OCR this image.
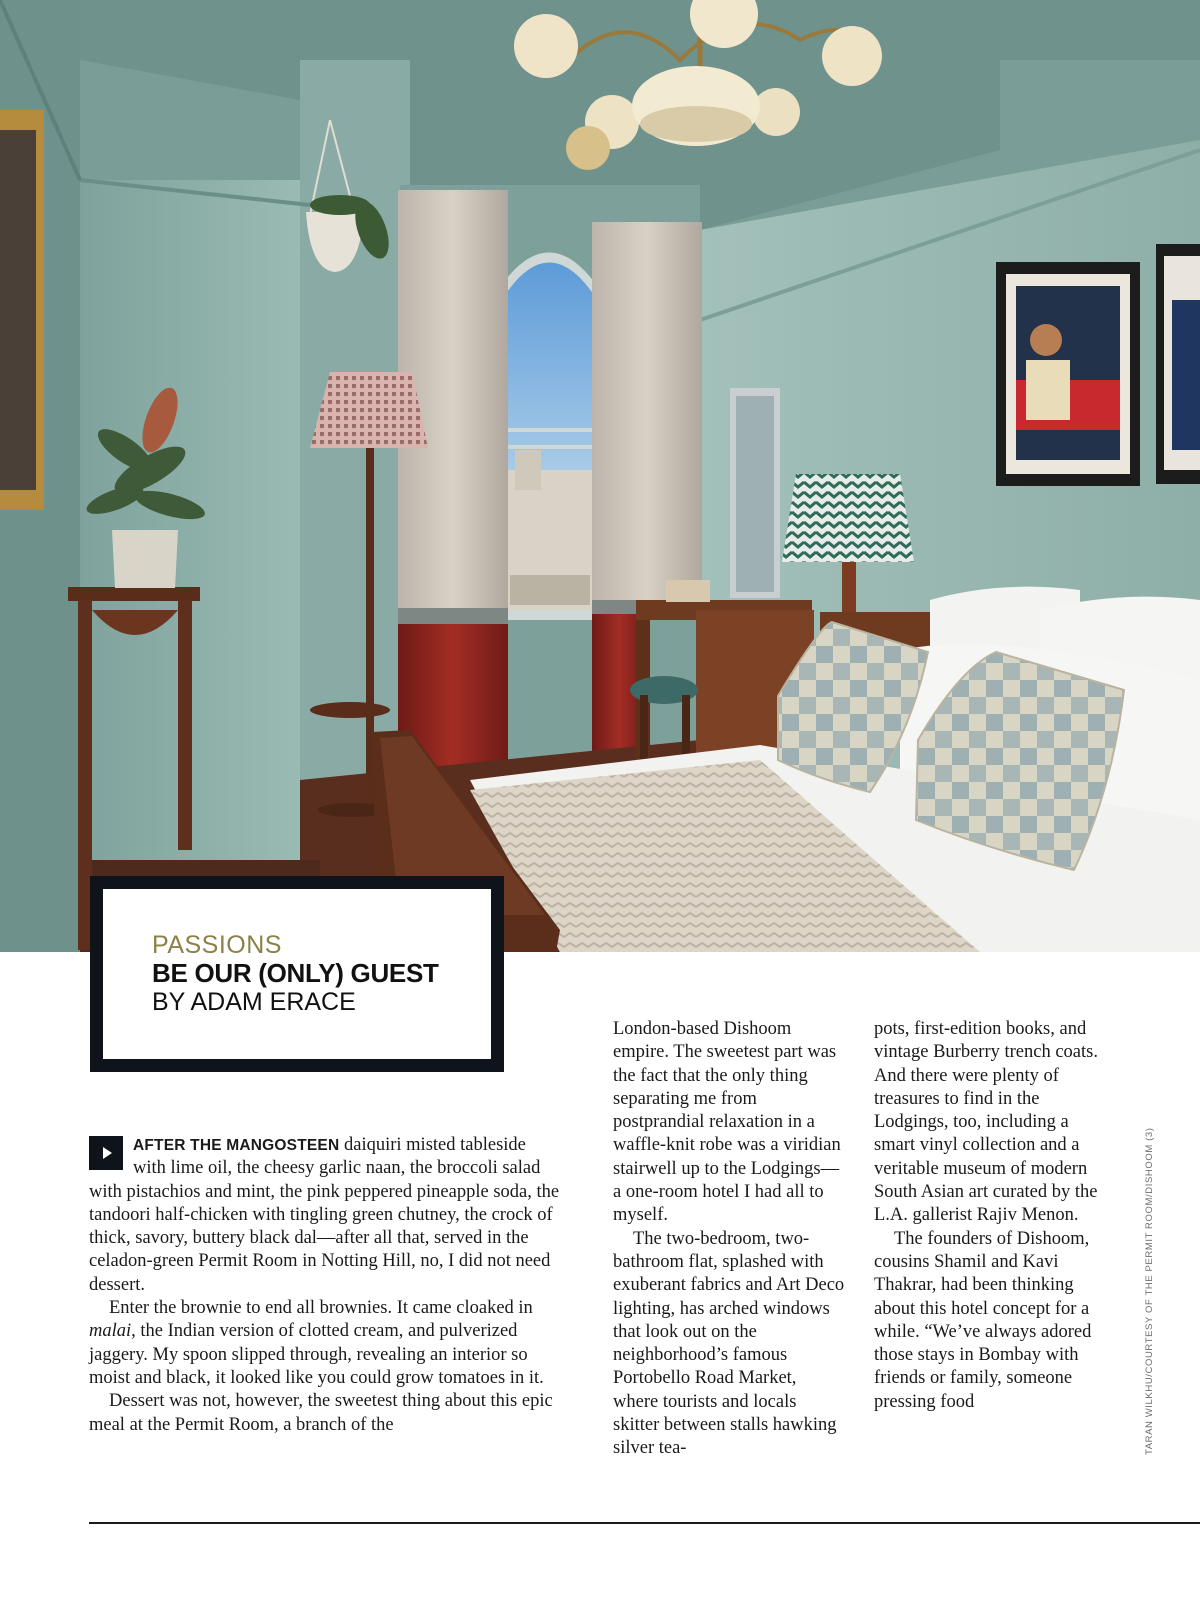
PASSIONS
BE OUR (ONLY) GUEST
BY ADAM ERACE

AFTER THE MANGOSTEEN daiquiri misted tableside with lime oil, the cheesy garlic naan, the broccoli salad with pistachios and mint, the pink peppered pineapple soda, the tandoori half-chicken with tingling green chutney, the crock of thick, savory, buttery black dal—after all that, served in the celadon-green Permit Room in Notting Hill, no, I did not need dessert.

Enter the brownie to end all brownies. It came cloaked in malai, the Indian version of clotted cream, and pulverized jaggery. My spoon slipped through, revealing an interior so moist and black, it looked like you could grow tomatoes in it.

Dessert was not, however, the sweetest thing about this epic meal at the Permit Room, a branch of the

London-based Dishoom empire. The sweetest part was the fact that the only thing separating me from postprandial relaxation in a waffle-knit robe was a viridian stairwell up to the Lodgings—a one-room hotel I had all to myself.

The two-bedroom, two-bathroom flat, splashed with exuberant fabrics and Art Deco lighting, has arched windows that look out on the neighborhood’s famous Portobello Road Market, where tourists and locals skitter between stalls hawking silver tea-

pots, first-edition books, and vintage Burberry trench coats. And there were plenty of treasures to find in the Lodgings, too, including a smart vinyl collection and a veritable museum of modern South Asian art curated by the L.A. gallerist Rajiv Menon.

The founders of Dishoom, cousins Shamil and Kavi Thakrar, had been thinking about this hotel concept for a while. “We’ve always adored those stays in Bombay with friends or family, someone pressing food	TARAN WILKHU/COURTESY OF THE PERMIT ROOM/DISHOOM (3)
